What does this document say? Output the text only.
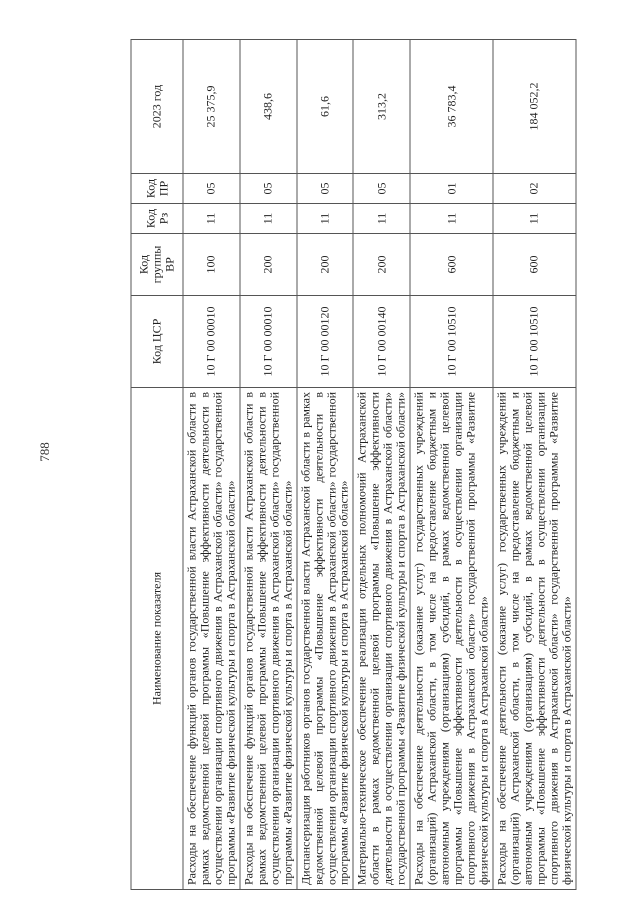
788
Наименование показателя	Код ЦСР	Код группы ВР	Код Рз	Код ПР	2023 год
Расходы на обеспечение функций органов государственной власти Астраханской области в рамках ведомственной целевой программы «Повышение эффективности деятельности в осуществлении организации спортивного движения в Астраханской области» государственной программы «Развитие физической культуры и спорта в Астраханской области»	10 Г 00 00010	100	11	05	25 375,9
Расходы на обеспечение функций органов государственной власти Астраханской области в рамках ведомственной целевой программы «Повышение эффективности деятельности в осуществлении организации спортивного движения в Астраханской области» государственной программы «Развитие физической культуры и спорта в Астраханской области»	10 Г 00 00010	200	11	05	438,6
Диспансеризация работников органов государственной власти Астраханской области в рамках ведомственной целевой программы «Повышение эффективности деятельности в осуществлении организации спортивного движения в Астраханской области» государственной программы «Развитие физической культуры и спорта в Астраханской области»	10 Г 00 00120	200	11	05	61,6
Материально-техническое обеспечение реализации отдельных полномочий Астраханской области в рамках ведомственной целевой программы «Повышение эффективности деятельности в осуществлении организации спортивного движения в Астраханской области» государственной программы «Развитие физической культуры и спорта в Астраханской области»	10 Г 00 00140	200	11	05	313,2
Расходы на обеспечение деятельности (оказание услуг) государственных учреждений (организаций) Астраханской области, в том числе на предоставление бюджетным и автономным учреждениям (организациям) субсидий, в рамках ведомственной целевой программы «Повышение эффективности деятельности в осуществлении организации спортивного движения в Астраханской области» государственной программы «Развитие физической культуры и спорта в Астраханской области»	10 Г 00 10510	600	11	01	36 783,4
Расходы на обеспечение деятельности (оказание услуг) государственных учреждений (организаций) Астраханской области, в том числе на предоставление бюджетным и автономным учреждениям (организациям) субсидий, в рамках ведомственной целевой программы «Повышение эффективности деятельности в осуществлении организации спортивного движения в Астраханской области» государственной программы «Развитие физической культуры и спорта в Астраханской области»	10 Г 00 10510	600	11	02	184 052,2
